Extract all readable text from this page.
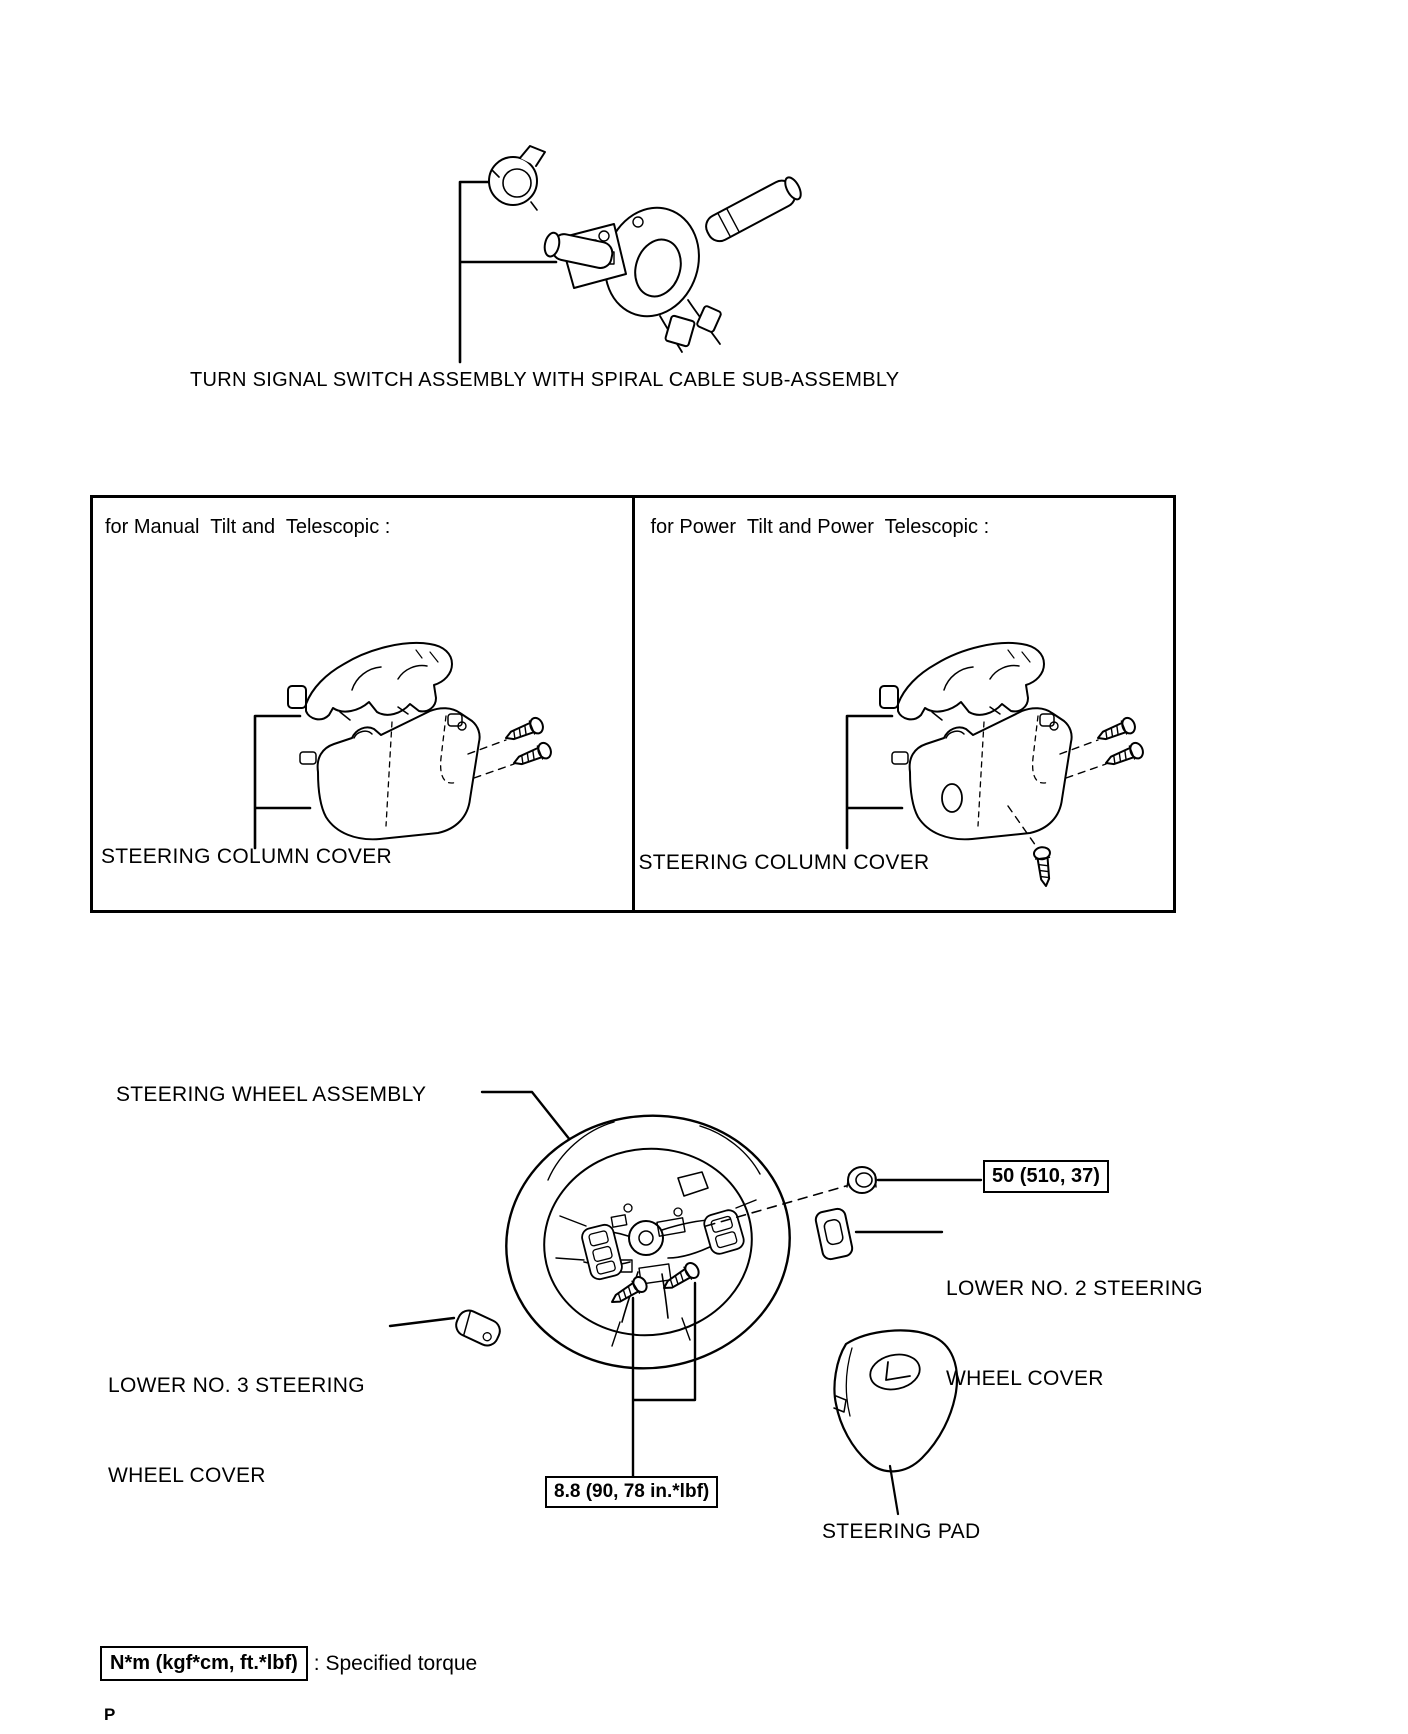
TURN SIGNAL SWITCH ASSEMBLY WITH SPIRAL CABLE SUB-ASSEMBLY
for Manual  Tilt and  Telescopic :
STEERING COLUMN COVER
for Power  Tilt and Power  Telescopic :
STEERING COLUMN COVER
STEERING WHEEL ASSEMBLY
50 (510, 37)

LOWER NO. 2 STEERING

WHEEL COVER

LOWER NO. 3 STEERING

WHEEL COVER

8.8 (90, 78 in.*lbf)
STEERING PAD
N*m (kgf*cm, ft.*lbf) : Specified torque
P
